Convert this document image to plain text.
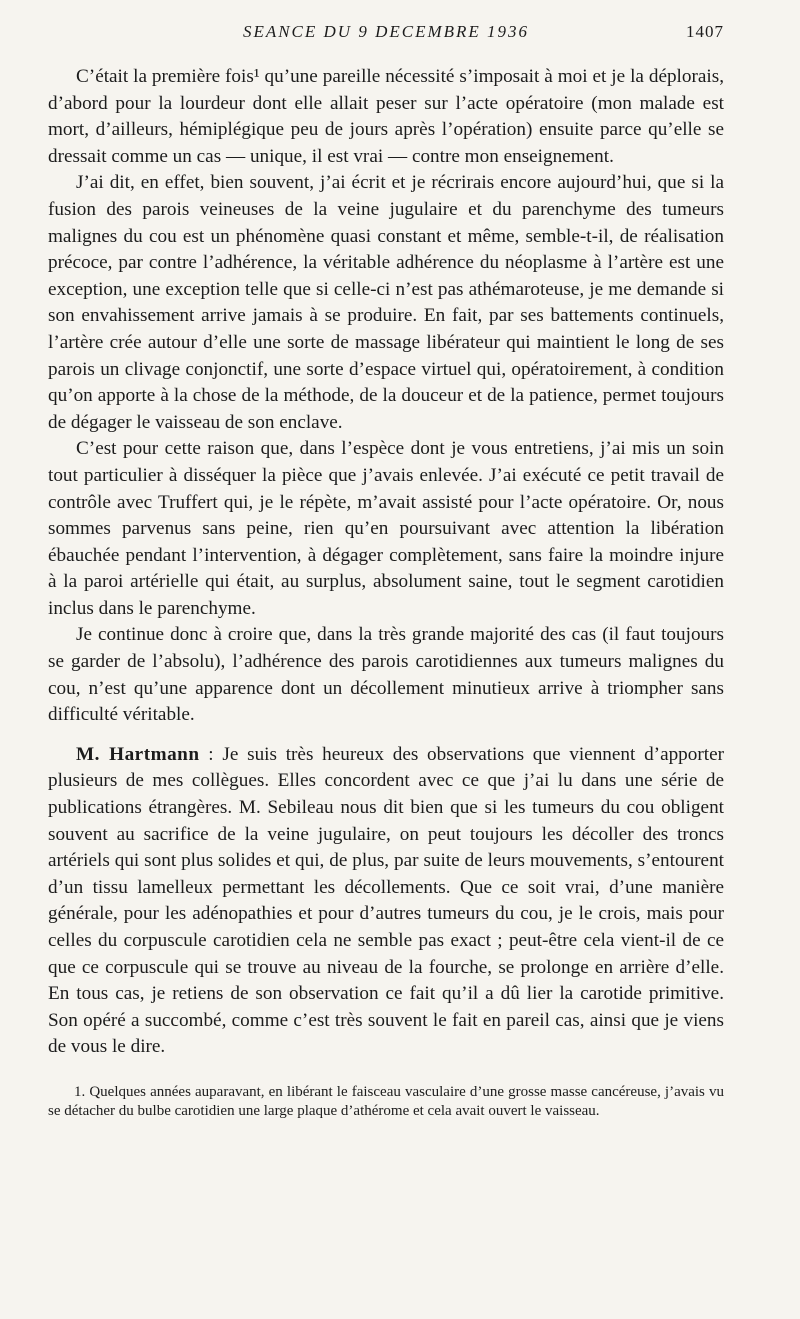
SEANCE DU 9 DECEMBRE 1936	1407

C’était la première fois¹ qu’une pareille nécessité s’imposait à moi et je la déplorais, d’abord pour la lourdeur dont elle allait peser sur l’acte opératoire (mon malade est mort, d’ailleurs, hémiplégique peu de jours après l’opération) ensuite parce qu’elle se dressait comme un cas — unique, il est vrai — contre mon enseignement.

J’ai dit, en effet, bien souvent, j’ai écrit et je récrirais encore aujourd’hui, que si la fusion des parois veineuses de la veine jugulaire et du parenchyme des tumeurs malignes du cou est un phénomène quasi constant et même, semble-t-il, de réalisation précoce, par contre l’adhérence, la véritable adhérence du néoplasme à l’artère est une exception, une exception telle que si celle-ci n’est pas athémaroteuse, je me demande si son envahissement arrive jamais à se produire. En fait, par ses battements continuels, l’artère crée autour d’elle une sorte de massage libérateur qui maintient le long de ses parois un clivage conjonctif, une sorte d’espace virtuel qui, opératoirement, à condition qu’on apporte à la chose de la méthode, de la douceur et de la patience, permet toujours de dégager le vaisseau de son enclave.

C’est pour cette raison que, dans l’espèce dont je vous entretiens, j’ai mis un soin tout particulier à disséquer la pièce que j’avais enlevée. J’ai exécuté ce petit travail de contrôle avec Truffert qui, je le répète, m’avait assisté pour l’acte opératoire. Or, nous sommes parvenus sans peine, rien qu’en poursuivant avec attention la libération ébauchée pendant l’intervention, à dégager complètement, sans faire la moindre injure à la paroi artérielle qui était, au surplus, absolument saine, tout le segment carotidien inclus dans le parenchyme.

Je continue donc à croire que, dans la très grande majorité des cas (il faut toujours se garder de l’absolu), l’adhérence des parois carotidiennes aux tumeurs malignes du cou, n’est qu’une apparence dont un décollement minutieux arrive à triompher sans difficulté véritable.

M. Hartmann : Je suis très heureux des observations que viennent d’apporter plusieurs de mes collègues. Elles concordent avec ce que j’ai lu dans une série de publications étrangères. M. Sebileau nous dit bien que si les tumeurs du cou obligent souvent au sacrifice de la veine jugulaire, on peut toujours les décoller des troncs artériels qui sont plus solides et qui, de plus, par suite de leurs mouvements, s’entourent d’un tissu lamelleux permettant les décollements. Que ce soit vrai, d’une manière générale, pour les adénopathies et pour d’autres tumeurs du cou, je le crois, mais pour celles du corpuscule carotidien cela ne semble pas exact ; peut-être cela vient-il de ce que ce corpuscule qui se trouve au niveau de la fourche, se prolonge en arrière d’elle. En tous cas, je retiens de son observation ce fait qu’il a dû lier la carotide primitive. Son opéré a succombé, comme c’est très souvent le fait en pareil cas, ainsi que je viens de vous le dire.

1. Quelques années auparavant, en libérant le faisceau vasculaire d’une grosse masse cancéreuse, j’avais vu se détacher du bulbe carotidien une large plaque d’athérome et cela avait ouvert le vaisseau.
